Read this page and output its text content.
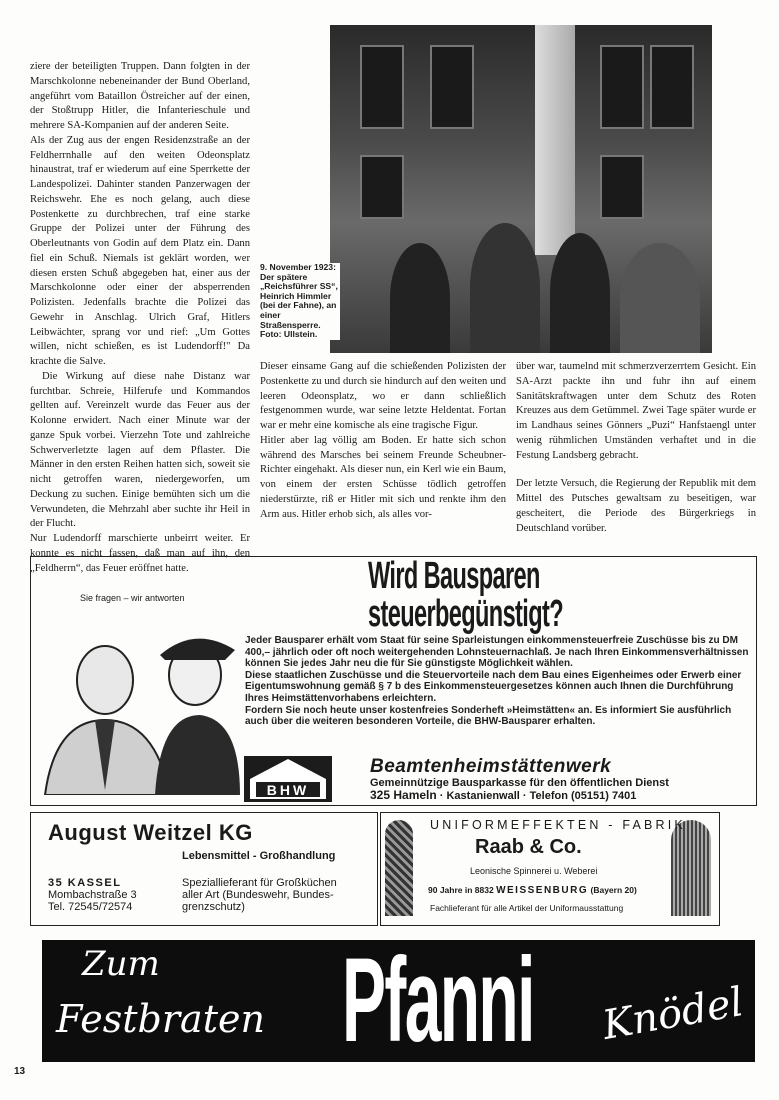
ziere der beteiligten Truppen. Dann folgten in der Marschkolonne nebeneinander der Bund Oberland, angeführt vom Bataillon Östreicher auf der einen, der Stoßtrupp Hitler, die Infanterieschule und mehrere SA-Kompanien auf der anderen Seite.

Als der Zug aus der engen Residenzstraße an der Feldherrnhalle auf den weiten Odeonsplatz hinaustrat, traf er wiederum auf eine Sperrkette der Landespolizei. Dahinter standen Panzerwagen der Reichswehr. Ehe es noch gelang, auch diese Postenkette zu durchbrechen, traf eine starke Gruppe der Polizei unter der Führung des Oberleutnants von Godin auf dem Platz ein. Dann fiel ein Schuß. Niemals ist geklärt worden, wer diesen ersten Schuß abgegeben hat, einer aus der Marschkolonne oder einer der absperrenden Polizisten. Jedenfalls brachte die Polizei das Gewehr in Anschlag. Ulrich Graf, Hitlers Leibwächter, sprang vor und rief: „Um Gottes willen, nicht schießen, es ist Ludendorff!" Da krachte die Salve.

Die Wirkung auf diese nahe Distanz war furchtbar. Schreie, Hilferufe und Kommandos gellten auf. Vereinzelt wurde das Feuer aus der Kolonne erwidert. Nach einer Minute war der ganze Spuk vorbei. Vierzehn Tote und zahlreiche Schwerverletzte lagen auf dem Pflaster. Die Männer in den ersten Reihen hatten sich, soweit sie nicht getroffen waren, niedergeworfen, um Deckung zu suchen. Einige bemühten sich um die Verwundeten, die Mehrzahl aber suchte ihr Heil in der Flucht.

Nur Ludendorff marschierte unbeirrt weiter. Er konnte es nicht fassen, daß man auf ihn, den „Feldherrn“, das Feuer eröffnet hatte.

9. November 1923: Der spätere „Reichsführer SS“, Heinrich Himmler (bei der Fahne), an einer Straßensperre. Foto: Ullstein.

Dieser einsame Gang auf die schießenden Polizisten der Postenkette zu und durch sie hindurch auf den weiten und leeren Odeonsplatz, wo er dann schließlich festgenommen wurde, war seine letzte Heldentat. Fortan war er mehr eine komische als eine tragische Figur.

Hitler aber lag völlig am Boden. Er hatte sich schon während des Marsches bei seinem Freunde Scheubner-Richter eingehakt. Als dieser nun, ein Kerl wie ein Baum, von einem der ersten Schüsse tödlich getroffen niederstürzte, riß er Hitler mit sich und renkte ihm den Arm aus. Hitler erhob sich, als alles vor-

über war, taumelnd mit schmerzverzerrtem Gesicht. Ein SA-Arzt packte ihn und fuhr ihn auf einem Sanitätskraftwagen unter dem Schutz des Roten Kreuzes aus dem Getümmel. Zwei Tage später wurde er im Landhaus seines Gönners „Puzi“ Hanfstaengl unter wenig rühmlichen Umständen verhaftet und in die Festung Landsberg gebracht.

Der letzte Versuch, die Regierung der Republik mit dem Mittel des Putsches gewaltsam zu beseitigen, war gescheitert, die Periode des Bürgerkriegs in Deutschland vorüber.

Sie fragen – wir antworten
Wird Bausparen
steuerbegünstigt?
Jeder Bausparer erhält vom Staat für seine Sparleistungen einkommensteuerfreie Zuschüsse bis zu DM 400,– jährlich oder oft noch weitergehenden Lohnsteuernachlaß. Je nach Ihren Einkommensverhältnissen können Sie jedes Jahr neu die für Sie günstigste Möglichkeit wählen.
Diese staatlichen Zuschüsse und die Steuervorteile nach dem Bau eines Eigenheimes oder Erwerb einer Eigentumswohnung gemäß § 7 b des Einkommensteuergesetzes können auch Ihnen die Durchführung Ihres Heimstättenvorhabens erleichtern.
Fordern Sie noch heute unser kostenfreies Sonderheft »Heimstätten« an. Es informiert Sie ausführlich auch über die weiteren besonderen Vorteile, die BHW-Bausparer erhalten.
BHW
Beamtenheimstättenwerk
Gemeinnützige Bausparkasse für den öffentlichen Dienst
325 Hameln · Kastanienwall · Telefon (05151) 7401
August Weitzel KG
Lebensmittel - Großhandlung
35 KASSEL
Mombachstraße 3
Tel. 72545/72574
Speziallieferant für Großküchen
aller Art (Bundeswehr, Bundes-
grenzschutz)
UNIFORMEFFEKTEN - FABRIK
Raab & Co.
Leonische Spinnerei u. Weberei
90 Jahre in 8832 WEISSENBURG (Bayern 20)
Fachlieferant für alle Artikel der Uniformausstattung
Zum
Festbraten Pfanni Knödel
13
